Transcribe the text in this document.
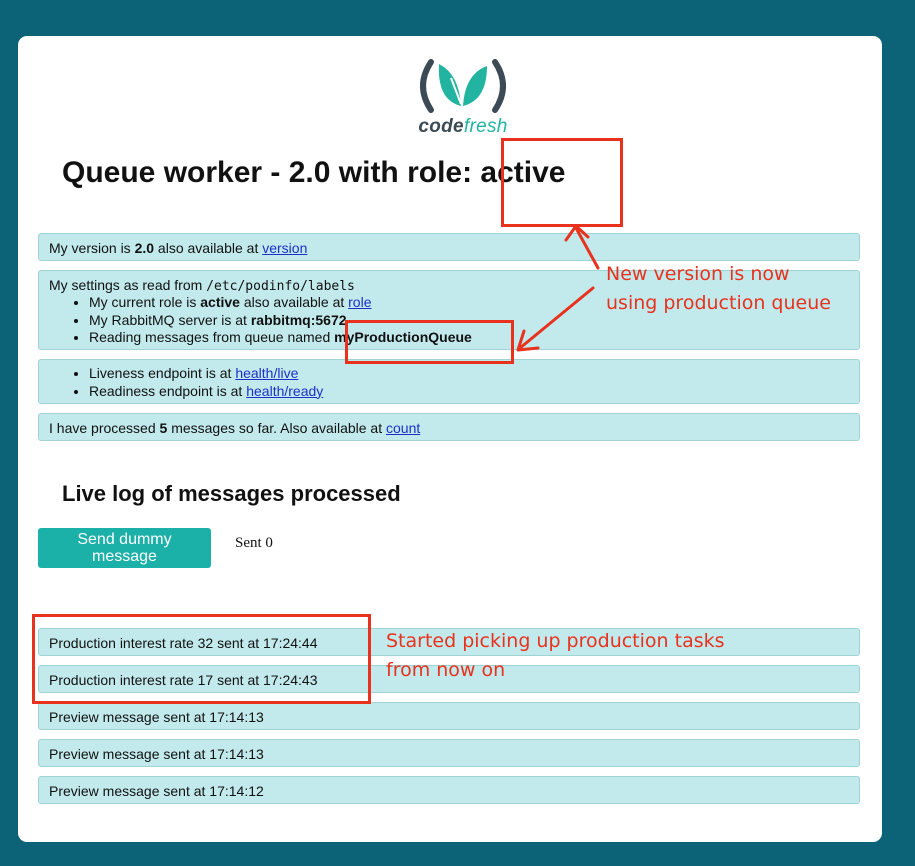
codefresh
Queue worker - 2.0 with role: active
My version is 2.0 also available at version
My settings as read from /etc/podinfo/labels
• My current role is active also available at role
• My RabbitMQ server is at rabbitmq:5672
• Reading messages from queue named myProductionQueue
• Liveness endpoint is at health/live
• Readiness endpoint is at health/ready
I have processed 5 messages so far. Also available at count
Live log of messages processed
Send dummy message
Sent 0
Production interest rate 32 sent at 17:24:44
Production interest rate 17 sent at 17:24:43
Preview message sent at 17:14:13
Preview message sent at 17:14:13
Preview message sent at 17:14:12
New version is now
using production queue
Started picking up production tasks
from now on
